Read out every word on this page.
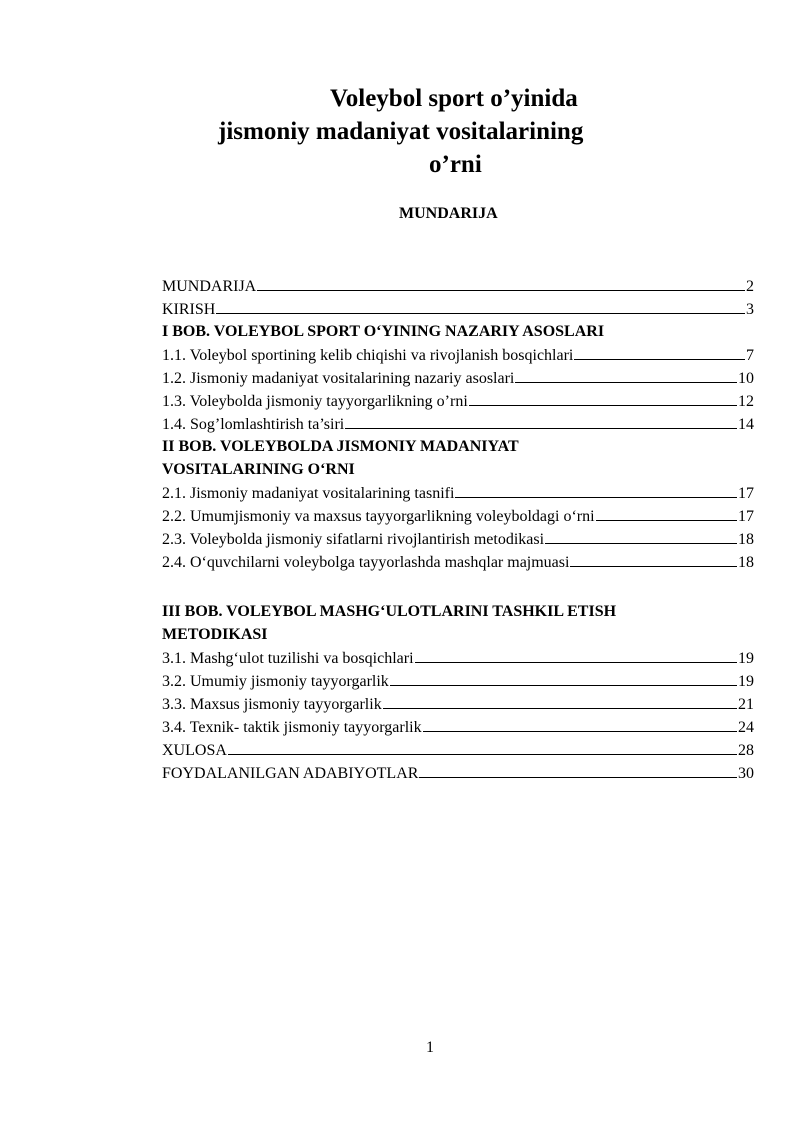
Voleybol sport o’yinida
jismoniy madaniyat vositalarining
o’rni
MUNDARIJA
MUNDARIJA	2
KIRISH	3
I BOB. VOLEYBOL SPORT O‘YINING NAZARIY ASOSLARI
1.1. Voleybol sportining kelib chiqishi va rivojlanish bosqichlari	7
1.2. Jismoniy madaniyat vositalarining nazariy asoslari	10
1.3. Voleybolda jismoniy tayyorgarlikning o’rni	12
1.4. Sog’lomlashtirish ta’siri	14
II BOB. VOLEYBOLDA JISMONIY MADANIYAT
VOSITALARINING O‘RNI
2.1. Jismoniy madaniyat vositalarining tasnifi	17
2.2. Umumjismoniy va maxsus tayyorgarlikning voleyboldagi o‘rni	17
2.3. Voleybolda jismoniy sifatlarni rivojlantirish metodikasi	18
2.4. O‘quvchilarni voleybolga tayyorlashda mashqlar majmuasi	18
III BOB. VOLEYBOL MASHG‘ULOTLARINI TASHKIL ETISH
METODIKASI
3.1. Mashg‘ulot tuzilishi va bosqichlari	19
3.2. Umumiy jismoniy tayyorgarlik	19
3.3. Maxsus jismoniy tayyorgarlik	21
3.4. Texnik- taktik jismoniy tayyorgarlik	24
XULOSA	28
FOYDALANILGAN ADABIYOTLAR	30
1
